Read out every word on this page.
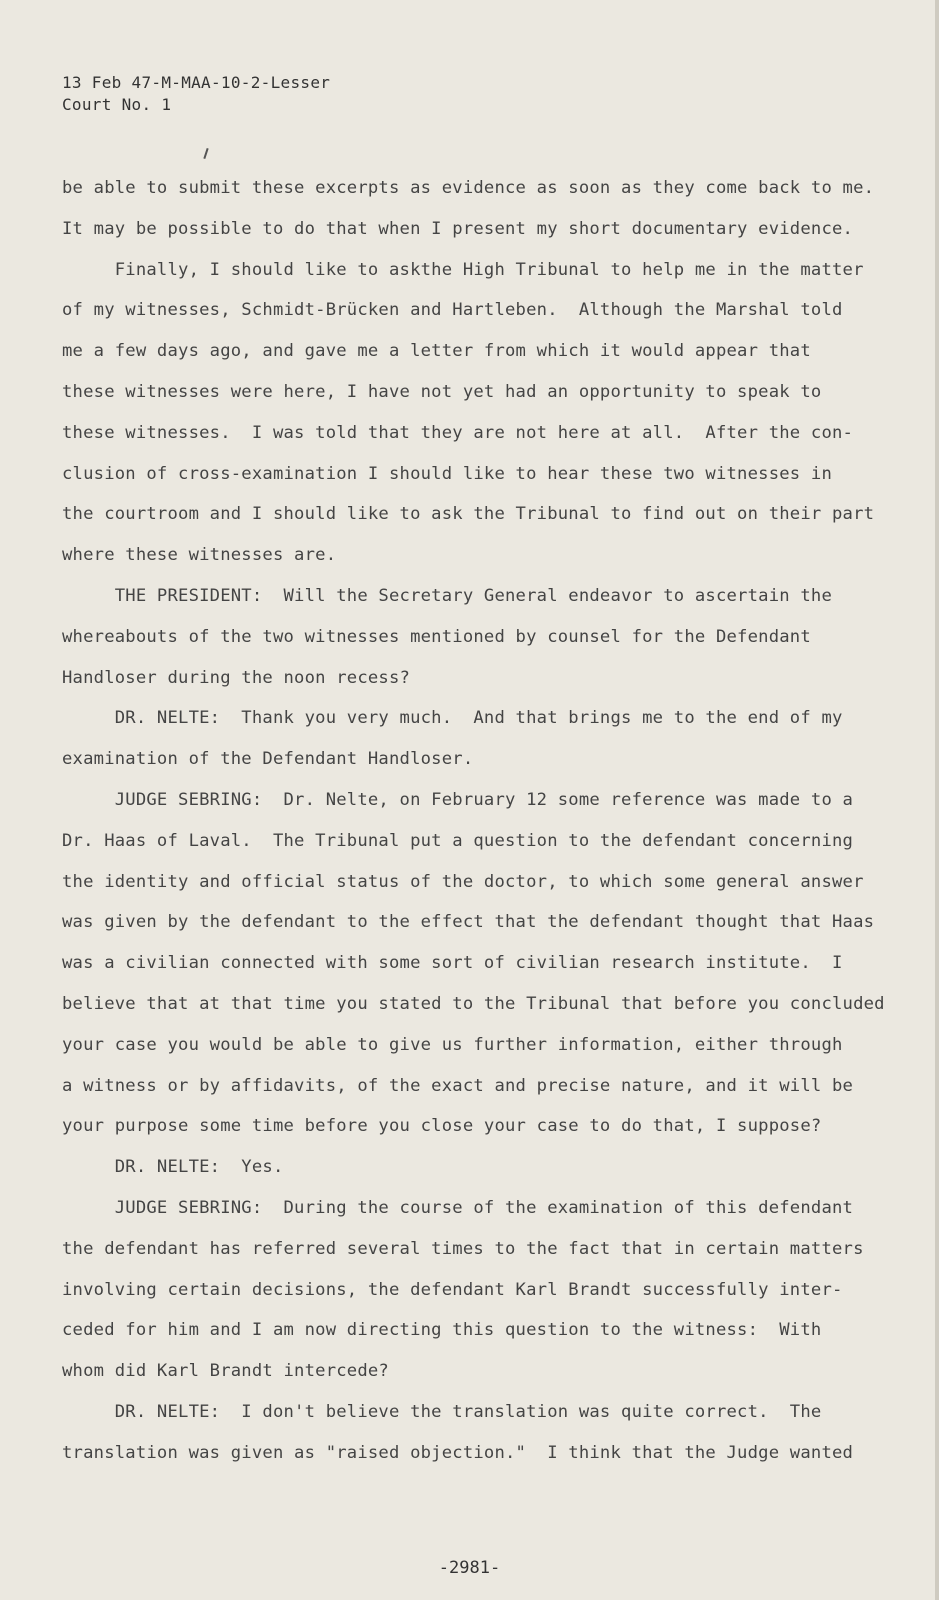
13 Feb 47-M-MAA-10-2-Lesser
Court No. 1
be able to submit these excerpts as evidence as soon as they come back to me.
It may be possible to do that when I present my short documentary evidence.
Finally, I should like to askthe High Tribunal to help me in the matter
of my witnesses, Schmidt-Brücken and Hartleben.  Although the Marshal told
me a few days ago, and gave me a letter from which it would appear that
these witnesses were here, I have not yet had an opportunity to speak to
these witnesses.  I was told that they are not here at all.  After the con-
clusion of cross-examination I should like to hear these two witnesses in
the courtroom and I should like to ask the Tribunal to find out on their part
where these witnesses are.
THE PRESIDENT:  Will the Secretary General endeavor to ascertain the
whereabouts of the two witnesses mentioned by counsel for the Defendant
Handloser during the noon recess?
DR. NELTE:  Thank you very much.  And that brings me to the end of my
examination of the Defendant Handloser.
JUDGE SEBRING:  Dr. Nelte, on February 12 some reference was made to a
Dr. Haas of Laval.  The Tribunal put a question to the defendant concerning
the identity and official status of the doctor, to which some general answer
was given by the defendant to the effect that the defendant thought that Haas
was a civilian connected with some sort of civilian research institute.  I
believe that at that time you stated to the Tribunal that before you concluded
your case you would be able to give us further information, either through
a witness or by affidavits, of the exact and precise nature, and it will be
your purpose some time before you close your case to do that, I suppose?
DR. NELTE:  Yes.
JUDGE SEBRING:  During the course of the examination of this defendant
the defendant has referred several times to the fact that in certain matters
involving certain decisions, the defendant Karl Brandt successfully inter-
ceded for him and I am now directing this question to the witness:  With
whom did Karl Brandt intercede?
DR. NELTE:  I don't believe the translation was quite correct.  The
translation was given as "raised objection."  I think that the Judge wanted
-2981-
